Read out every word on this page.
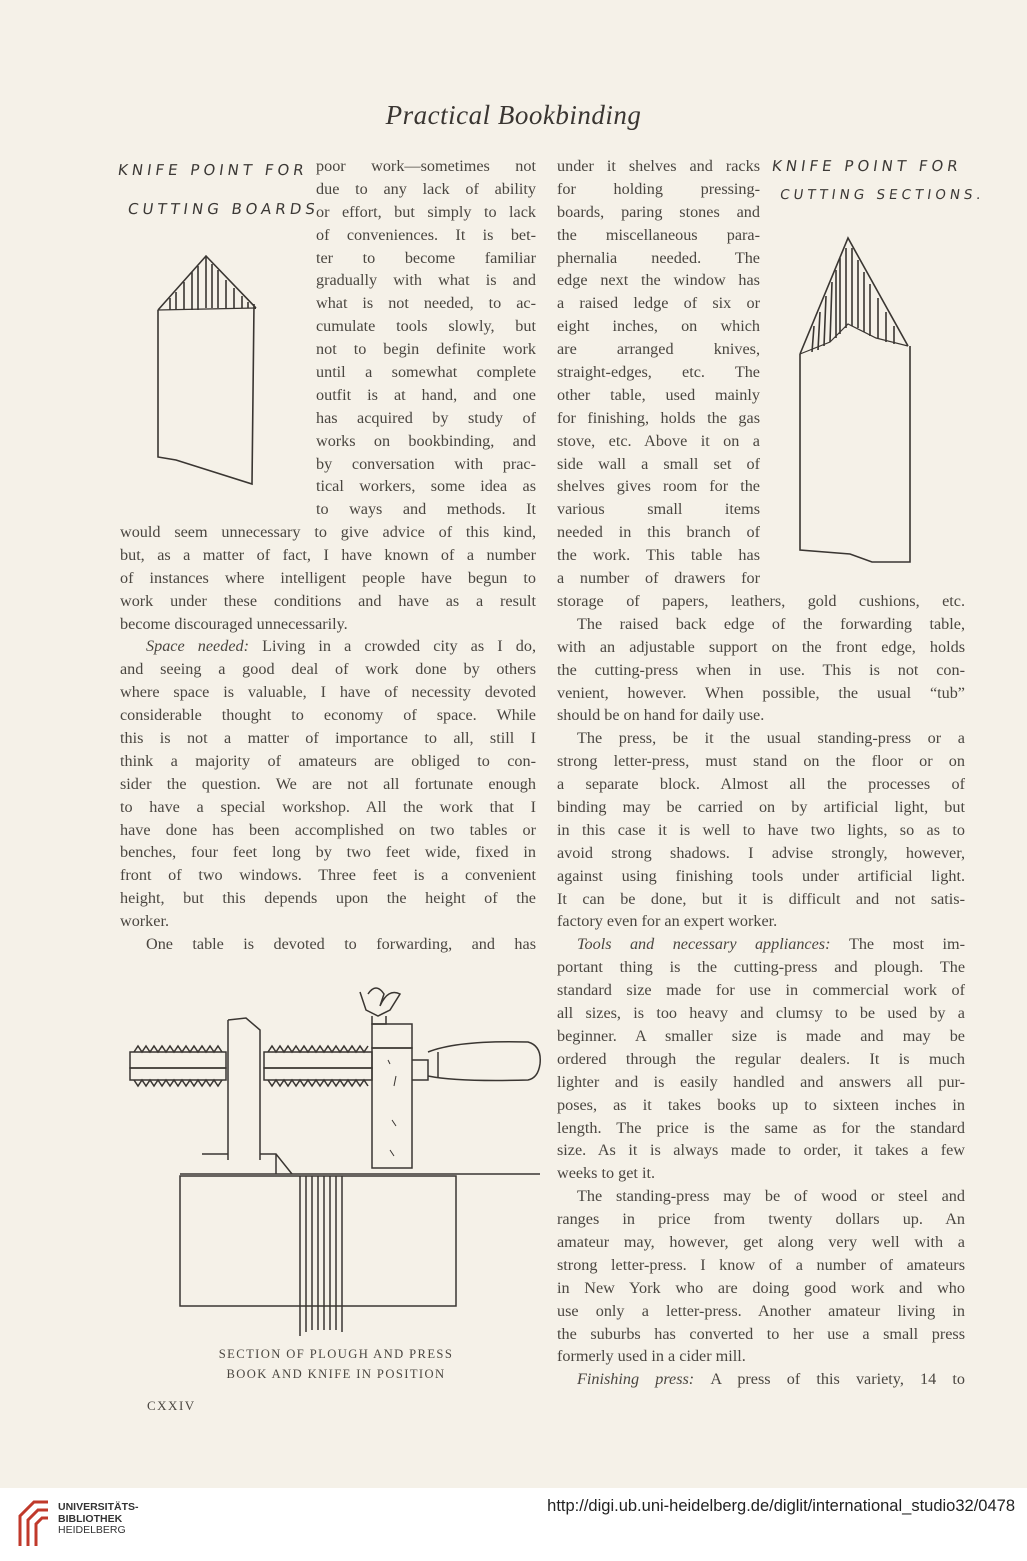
Practical Bookbinding
KNIFE POINT FOR
CUTTING BOARDS
KNIFE POINT FOR
CUTTING SECTIONS.
poor work—sometimes not
due to any lack of ability
or effort, but simply to lack
of conveniences. It is bet-
ter to become familiar
gradually with what is and
what is not needed, to ac-
cumulate tools slowly, but
not to begin definite work
until a somewhat complete
outfit is at hand, and one
has acquired by study of
works on bookbinding, and
by conversation with prac-
tical workers, some idea as
to ways and methods. It
would seem unnecessary to give advice of this kind,
but, as a matter of fact, I have known of a number
of instances where intelligent people have begun to
work under these conditions and have as a result
become discouraged unnecessarily.
Space needed: Living in a crowded city as I do,
and seeing a good deal of work done by others
where space is valuable, I have of necessity devoted
considerable thought to economy of space. While
this is not a matter of importance to all, still I
think a majority of amateurs are obliged to con-
sider the question. We are not all fortunate enough
to have a special workshop. All the work that I
have done has been accomplished on two tables or
benches, four feet long by two feet wide, fixed in
front of two windows. Three feet is a convenient
height, but this depends upon the height of the
worker.
One table is devoted to forwarding, and has
SECTION OF PLOUGH AND PRESS
BOOK AND KNIFE IN POSITION
under it shelves and racks
for holding pressing-
boards, paring stones and
the miscellaneous para-
phernalia needed. The
edge next the window has
a raised ledge of six or
eight inches, on which
are arranged knives,
straight-edges, etc. The
other table, used mainly
for finishing, holds the gas
stove, etc. Above it on a
side wall a small set of
shelves gives room for the
various small items
needed in this branch of
the work. This table has
a number of drawers for
storage of papers, leathers, gold cushions, etc.
The raised back edge of the forwarding table,
with an adjustable support on the front edge, holds
the cutting-press when in use. This is not con-
venient, however. When possible, the usual “tub”
should be on hand for daily use.
The press, be it the usual standing-press or a
strong letter-press, must stand on the floor or on
a separate block. Almost all the processes of
binding may be carried on by artificial light, but
in this case it is well to have two lights, so as to
avoid strong shadows. I advise strongly, however,
against using finishing tools under artificial light.
It can be done, but it is difficult and not satis-
factory even for an expert worker.
Tools and necessary appliances: The most im-
portant thing is the cutting-press and plough. The
standard size made for use in commercial work of
all sizes, is too heavy and clumsy to be used by a
beginner. A smaller size is made and may be
ordered through the regular dealers. It is much
lighter and is easily handled and answers all pur-
poses, as it takes books up to sixteen inches in
length. The price is the same as for the standard
size. As it is always made to order, it takes a few
weeks to get it.
The standing-press may be of wood or steel and
ranges in price from twenty dollars up. An
amateur may, however, get along very well with a
strong letter-press. I know of a number of amateurs
in New York who are doing good work and who
use only a letter-press. Another amateur living in
the suburbs has converted to her use a small press
formerly used in a cider mill.
Finishing press: A press of this variety, 14 to
CXXIV
UNIVERSITÄTS-
BIBLIOTHEK
HEIDELBERG
http://digi.ub.uni-heidelberg.de/diglit/international_studio32/0478
